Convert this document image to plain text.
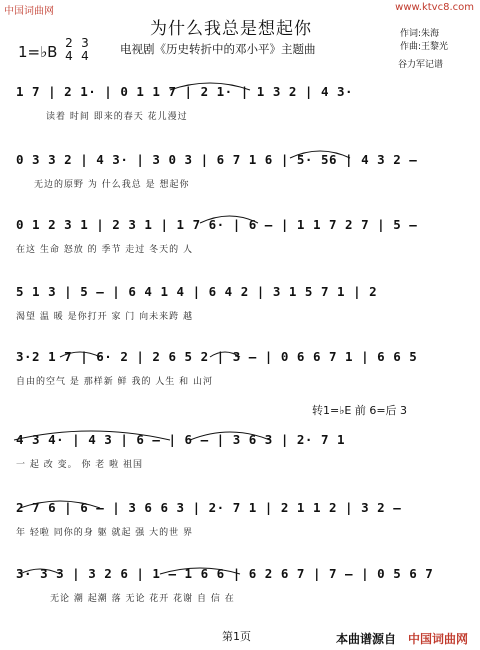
中国词曲网	www.ktvc8.com
为什么我总是想起你
1=♭B 2
4
3
4	电视剧《历史转折中的邓小平》主题曲
作词:朱海
作曲:王黎光
谷力军记谱
1 7 | 2 1· | 0 1 1 7 | 2 1· | 1 3 2 | 4 3·
读着 时间 即来的春天 花儿漫过
0 3 3 2 | 4 3· | 3 0 3 | 6 7 1 6 | 5· 56 | 4 3 2 –
无边的原野 为 什么我总 是 想起你
0 1 2 3 1 | 2 3 1 | 1 7 6· | 6 – | 1 1 7 2 7 | 5 –
在这 生命 怒放 的 季节 走过 冬天的 人
5 1 3 | 5 – | 6 4 1 4 | 6 4 2 | 3 1 5 7 1 | 2
渴望 温 暖 是你打开 家 门 向未来跨 越
3·2 1 7 | 6· 2 | 2 6 5 2 | 3 – | 0 6 6 7 1 | 6 6 5
自由的空气 是 那样新 鲜 我的 人生 和 山河
转1=♭E 前 6=后 3
4 3 4· | 4 3 | 6 – | 6 – | 3 6 3 | 2· 7 1
一 起 改 变。 你 老 啦 祖国
2 7 6 | 6 – | 3 6 6 3 | 2· 7 1 | 2 1 1 2 | 3 2 –
年 轻啦 同你的身 躯 就起 强 大的世 界
3· 3 3 | 3 2 6 | 1 – 1 6 6 | 6 2 6 7 | 7 – | 0 5 6 7
无论 潮 起潮 落 无论 花开 花谢 自 信 在
第1页	本曲谱源自 中国词曲网
